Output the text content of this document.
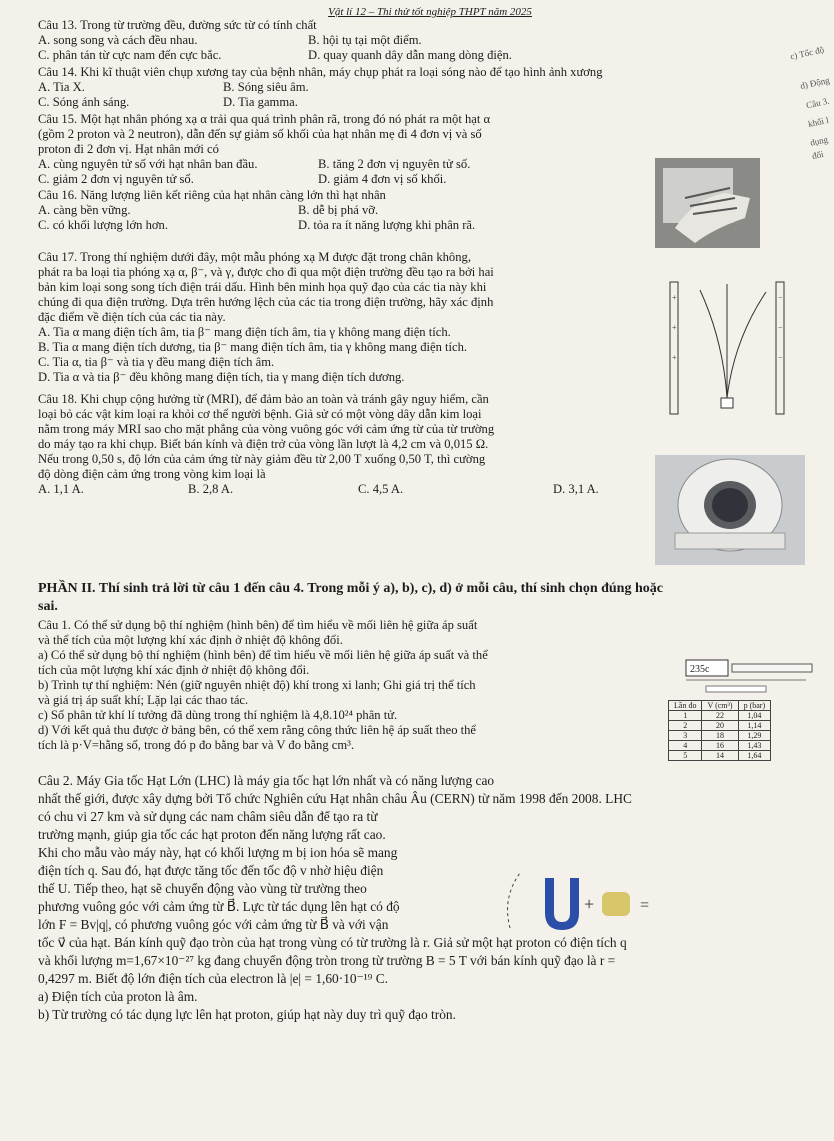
Vật lí 12 – Thi thử tốt nghiệp THPT năm 2025
c) Tốc độ
d) Động
Câu 3.
khối l
dụng
đối

Câu 13. Trong từ trường đều, đường sức từ có tính chất

A. song song và cách đều nhau.	B. hội tụ tại một điểm.
C. phân tán từ cực nam đến cực bắc.	D. quay quanh dây dẫn mang dòng điện.

Câu 14. Khi kĩ thuật viên chụp xương tay của bệnh nhân, máy chụp phát ra loại sóng nào để tạo hình ảnh xương

A. Tia X.	B. Sóng siêu âm.
C. Sóng ánh sáng.	D. Tia gamma.

Câu 15. Một hạt nhân phóng xạ α trải qua quá trình phân rã, trong đó nó phát ra một hạt α

(gồm 2 proton và 2 neutron), dẫn đến sự giảm số khối của hạt nhân mẹ đi 4 đơn vị và số

proton đi 2 đơn vị. Hạt nhân mới có

A. cùng nguyên tử số với hạt nhân ban đầu.	B. tăng 2 đơn vị nguyên tử số.
C. giảm 2 đơn vị nguyên tử số.	D. giảm 4 đơn vị số khối.

Câu 16. Năng lượng liên kết riêng của hạt nhân càng lớn thì hạt nhân

A. càng bền vững.	B. dễ bị phá vỡ.
C. có khối lượng lớn hơn.	D. tỏa ra ít năng lượng khi phân rã.

Câu 17. Trong thí nghiệm dưới đây, một mẫu phóng xạ M được đặt trong chân không,

phát ra ba loại tia phóng xạ α, β⁻, và γ, được cho đi qua một điện trường đều tạo ra bởi hai

bản kim loại song song tích điện trái dấu. Hình bên minh họa quỹ đạo của các tia này khi

chúng đi qua điện trường. Dựa trên hướng lệch của các tia trong điện trường, hãy xác định

đặc điểm về điện tích của các tia này.

A. Tia α mang điện tích âm, tia β⁻ mang điện tích âm, tia γ không mang điện tích.

B. Tia α mang điện tích dương, tia β⁻ mang điện tích âm, tia γ không mang điện tích.

C. Tia α, tia β⁻ và tia γ đều mang điện tích âm.

D. Tia α và tia β⁻ đều không mang điện tích, tia γ mang điện tích dương.

+
+
+
−
−
−

Câu 18. Khi chụp cộng hưởng từ (MRI), để đảm bảo an toàn và tránh gây nguy hiểm, cần

loại bỏ các vật kim loại ra khỏi cơ thể người bệnh. Giả sử có một vòng dây dẫn kim loại

nằm trong máy MRI sao cho mặt phẳng của vòng vuông góc với cảm ứng từ của từ trường

do máy tạo ra khi chụp. Biết bán kính và điện trở của vòng lần lượt là 4,2 cm và 0,015 Ω.

Nếu trong 0,50 s, độ lớn của cảm ứng từ này giảm đều từ 2,00 T xuống 0,50 T, thì cường

độ dòng điện cảm ứng trong vòng kim loại là

A. 1,1 A.	B. 2,8 A.	C. 4,5 A.	D. 3,1 A.

PHẦN II. Thí sinh trả lời từ câu 1 đến câu 4. Trong mỗi ý a), b), c), d) ở mỗi câu, thí sinh chọn đúng hoặc

sai.

Câu 1. Có thể sử dụng bộ thí nghiệm (hình bên) để tìm hiểu về mối liên hệ giữa áp suất

và thể tích của một lượng khí xác định ở nhiệt độ không đổi.

a) Có thể sử dụng bộ thí nghiệm (hình bên) để tìm hiểu về mối liên hệ giữa áp suất và thể

tích của một lượng khí xác định ở nhiệt độ không đổi.

b) Trình tự thí nghiệm: Nén (giữ nguyên nhiệt độ) khí trong xi lanh; Ghi giá trị thể tích

và giá trị áp suất khí; Lặp lại các thao tác.

c) Số phân tử khí lí tưởng đã dùng trong thí nghiệm là 4,8.10²⁴ phân tử.

d) Với kết quả thu được ở bảng bên, có thể xem rằng công thức liên hệ áp suất theo thể

tích là p·V=hằng số, trong đó p đo bằng bar và V đo bằng cm³.

235c
Lần đo	V (cm³)	p (bar)
1	22	1,04
2	20	1,14
3	18	1,29
4	16	1,43
5	14	1,64

Câu 2. Máy Gia tốc Hạt Lớn (LHC) là máy gia tốc hạt lớn nhất và có năng lượng cao

nhất thế giới, được xây dựng bởi Tổ chức Nghiên cứu Hạt nhân châu Âu (CERN) từ năm 1998 đến 2008. LHC

có chu vi 27 km và sử dụng các nam châm siêu dẫn để tạo ra từ

trường mạnh, giúp gia tốc các hạt proton đến năng lượng rất cao.

Khi cho mẫu vào máy này, hạt có khối lượng m bị ion hóa sẽ mang

điện tích q. Sau đó, hạt được tăng tốc đến tốc độ v nhờ hiệu điện

thế U. Tiếp theo, hạt sẽ chuyển động vào vùng từ trường theo

phương vuông góc với cảm ứng từ B⃗. Lực từ tác dụng lên hạt có độ

lớn F = Bv|q|, có phương vuông góc với cảm ứng từ B⃗ và với vận

tốc v⃗ của hạt. Bán kính quỹ đạo tròn của hạt trong vùng có từ trường là r. Giả sử một hạt proton có điện tích q

và khối lượng m=1,67×10⁻²⁷ kg đang chuyển động tròn trong từ trường B = 5 T với bán kính quỹ đạo là r =

0,4297 m. Biết độ lớn điện tích của electron là |e| = 1,60·10⁻¹⁹ C.

a) Điện tích của proton là âm.

b) Từ trường có tác dụng lực lên hạt proton, giúp hạt này duy trì quỹ đạo tròn.

+	=
